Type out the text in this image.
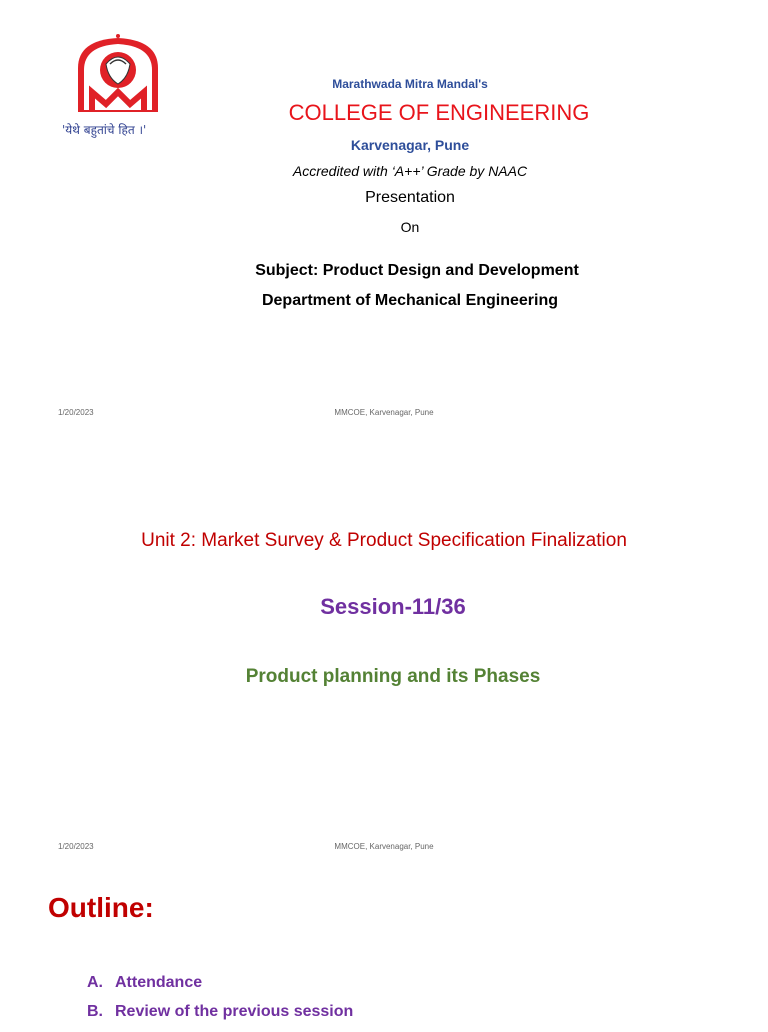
'येथे बहुतांचे हित ।'
Marathwada Mitra Mandal's
COLLEGE OF ENGINEERING
Karvenagar, Pune
Accredited with ‘A++’ Grade by NAAC
Presentation
On
Subject: Product Design and Development
Department of Mechanical Engineering
1/20/2023	MMCOE, Karvenagar, Pune
Unit 2: Market Survey & Product Specification Finalization
Session-11/36
Product planning and its Phases
1/20/2023	MMCOE, Karvenagar, Pune
Outline:
A. Attendance
B. Review of the previous session
